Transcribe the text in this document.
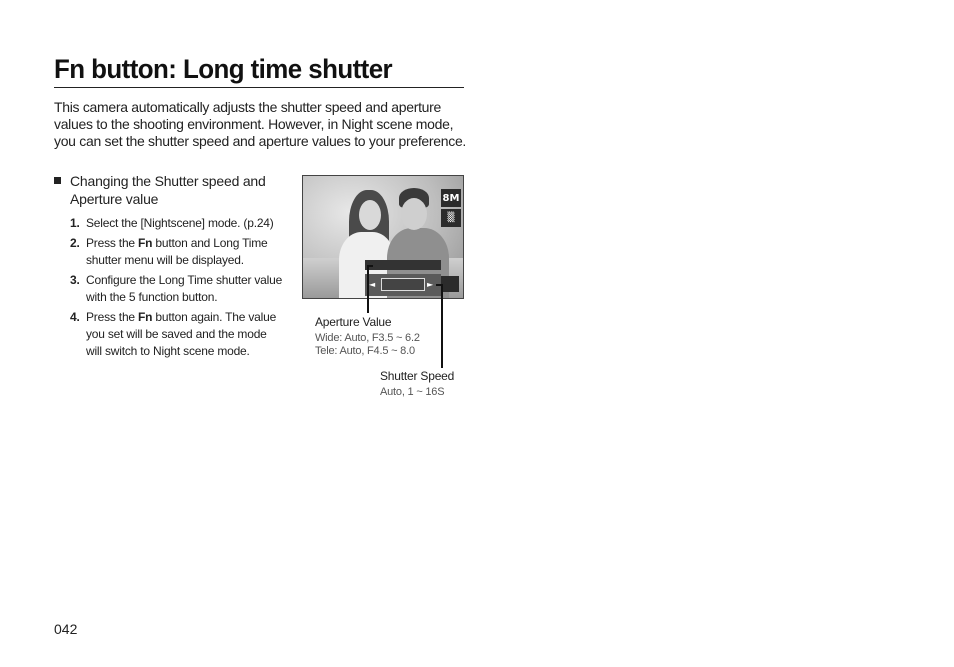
Fn button: Long time shutter

This camera automatically adjusts the shutter speed and aperture
values to the shooting environment. However, in Night scene mode,
you can set the shutter speed and aperture values to your preference.

Changing the Shutter speed and
Aperture value
1. Select the [Nightscene] mode. (p.24)
2. Press the Fn button and Long Time
shutter menu will be displayed.
3. Configure the Long Time shutter value
with the 5 function button.
4. Press the Fn button again. The value
you set will be saved and the mode
will switch to Night scene mode.
8M
▒
◄	►
Aperture Value
Wide: Auto, F3.5 ~ 6.2
Tele: Auto, F4.5 ~ 8.0
Shutter Speed
Auto, 1 ~ 16S
042
